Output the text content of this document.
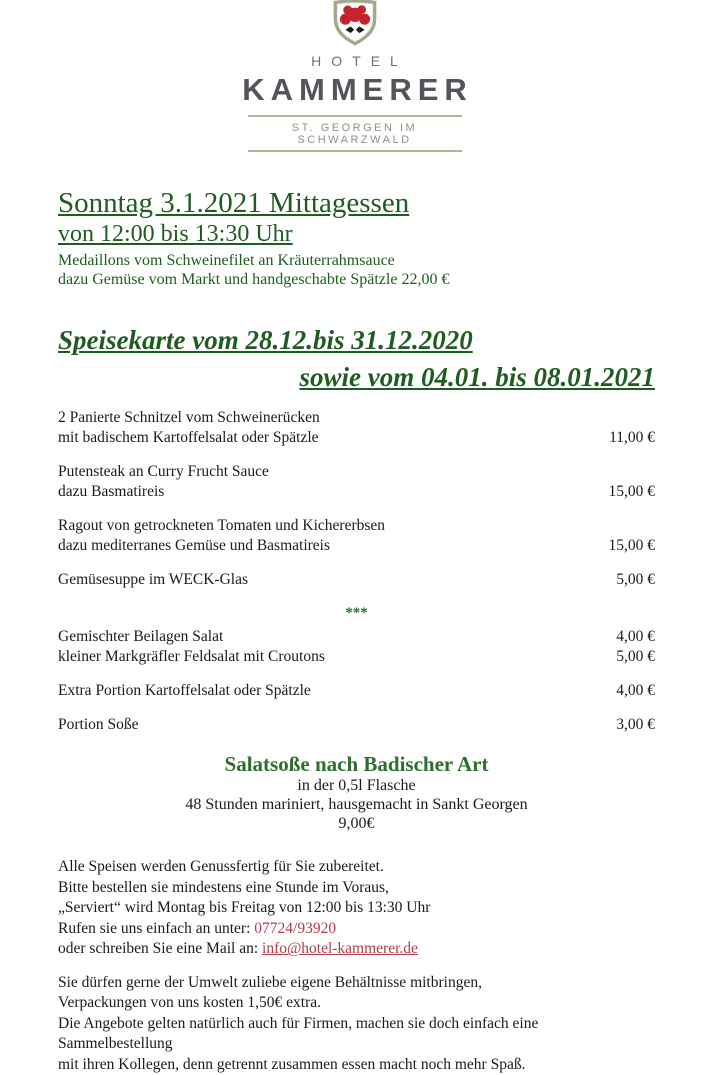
HOTEL
KAMMERER
ST. GEORGEN IM SCHWARZWALD
Sonntag 3.1.2021 Mittagessen
von 12:00 bis 13:30 Uhr
Medaillons vom Schweinefilet an Kräuterrahmsauce
dazu Gemüse vom Markt und handgeschabte Spätzle 22,00 €
Speisekarte vom 28.12.bis 31.12.2020
sowie vom 04.01. bis 08.01.2021
2 Panierte Schnitzel vom Schweinerücken
mit badischem Kartoffelsalat oder Spätzle	11,00 €
Putensteak an Curry Frucht Sauce
dazu Basmatireis	15,00 €
Ragout von getrockneten Tomaten und Kichererbsen
dazu mediterranes Gemüse und Basmatireis	15,00 €
Gemüsesuppe im WECK-Glas	5,00 €
***
Gemischter Beilagen Salat	4,00 €
kleiner Markgräfler Feldsalat mit Croutons	5,00 €
Extra Portion Kartoffelsalat oder Spätzle	4,00 €
Portion Soße	3,00 €
Salatsoße nach Badischer Art
in der 0,5l Flasche
48 Stunden mariniert, hausgemacht in Sankt Georgen
9,00€
Alle Speisen werden Genussfertig für Sie zubereitet.
Bitte bestellen sie mindestens eine Stunde im Voraus,
„Serviert“ wird Montag bis Freitag von 12:00 bis 13:30 Uhr
Rufen sie uns einfach an unter: 07724/93920
oder schreiben Sie eine Mail an: info@hotel-kammerer.de
Sie dürfen gerne der Umwelt zuliebe eigene Behältnisse mitbringen,
Verpackungen von uns kosten 1,50€ extra.
Die Angebote gelten natürlich auch für Firmen, machen sie doch einfach eine Sammelbestellung
mit ihren Kollegen, denn getrennt zusammen essen macht noch mehr Spaß.
